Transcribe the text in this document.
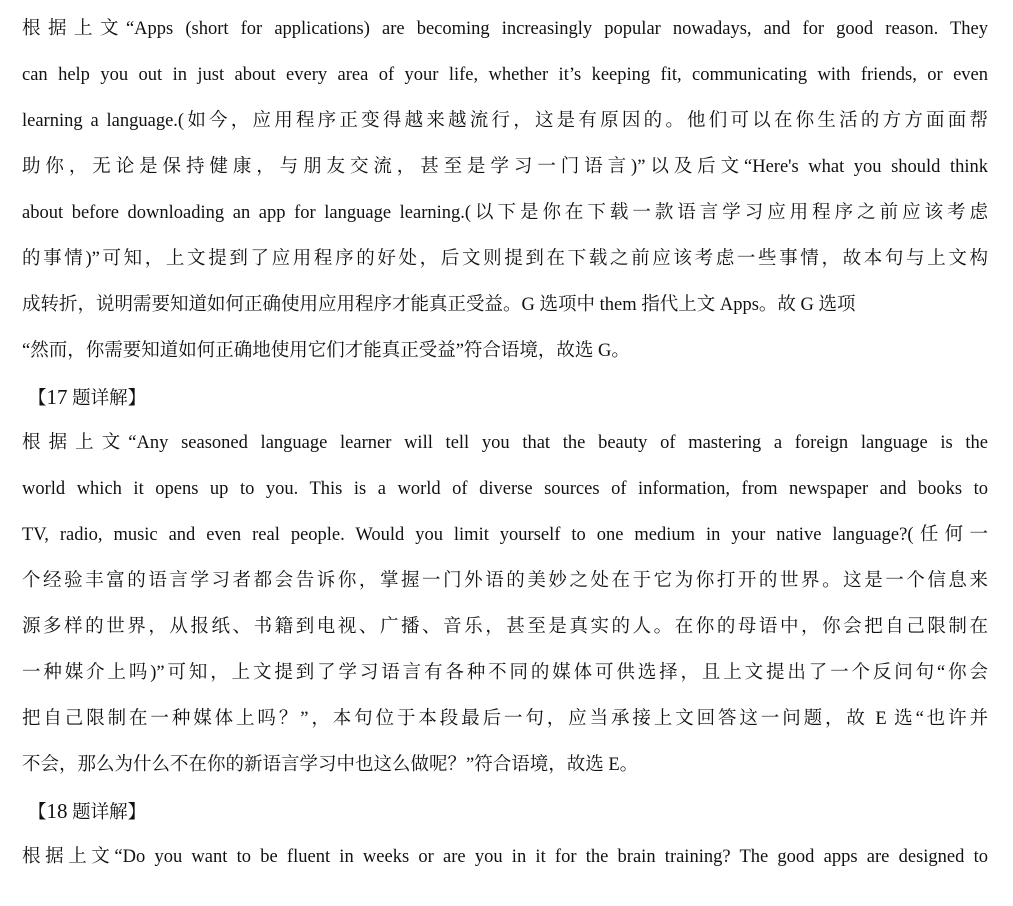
根据上文“Apps (short for applications) are becoming increasingly popular nowadays, and for good reason. They
can help you out in just about every area of your life, whether it’s keeping fit, communicating with friends, or even
learning a language.(如今，应用程序正变得越来越流行，这是有原因的。他们可以在你生活的方方面面帮
助你，无论是保持健康，与朋友交流，甚至是学习一门语言)”以及后文“Here's what you should think
about before downloading an app for language learning.(以下是你在下载一款语言学习应用程序之前应该考虑
的事情)”可知，上文提到了应用程序的好处，后文则提到在下载之前应该考虑一些事情，故本句与上文构
成转折，说明需要知道如何正确使用应用程序才能真正受益。G 选项中 them 指代上文 Apps。故 G 选项
“然而，你需要知道如何正确地使用它们才能真正受益”符合语境，故选 G。
【17 题详解】
根据上文“Any seasoned language learner will tell you that the beauty of mastering a foreign language is the
world which it opens up to you. This is a world of diverse sources of information, from newspaper and books to
TV, radio, music and even real people. Would you limit yourself to one medium in your native language?(任何一
个经验丰富的语言学习者都会告诉你，掌握一门外语的美妙之处在于它为你打开的世界。这是一个信息来
源多样的世界，从报纸、书籍到电视、广播、音乐，甚至是真实的人。在你的母语中，你会把自己限制在
一种媒介上吗)”可知，上文提到了学习语言有各种不同的媒体可供选择，且上文提出了一个反问句“你会
把自己限制在一种媒体上吗？”，本句位于本段最后一句，应当承接上文回答这一问题，故 E 选“也许并
不会，那么为什么不在你的新语言学习中也这么做呢？”符合语境，故选 E。
【18 题详解】
根据上文“Do you want to be fluent in weeks or are you in it for the brain training? The good apps are designed to
